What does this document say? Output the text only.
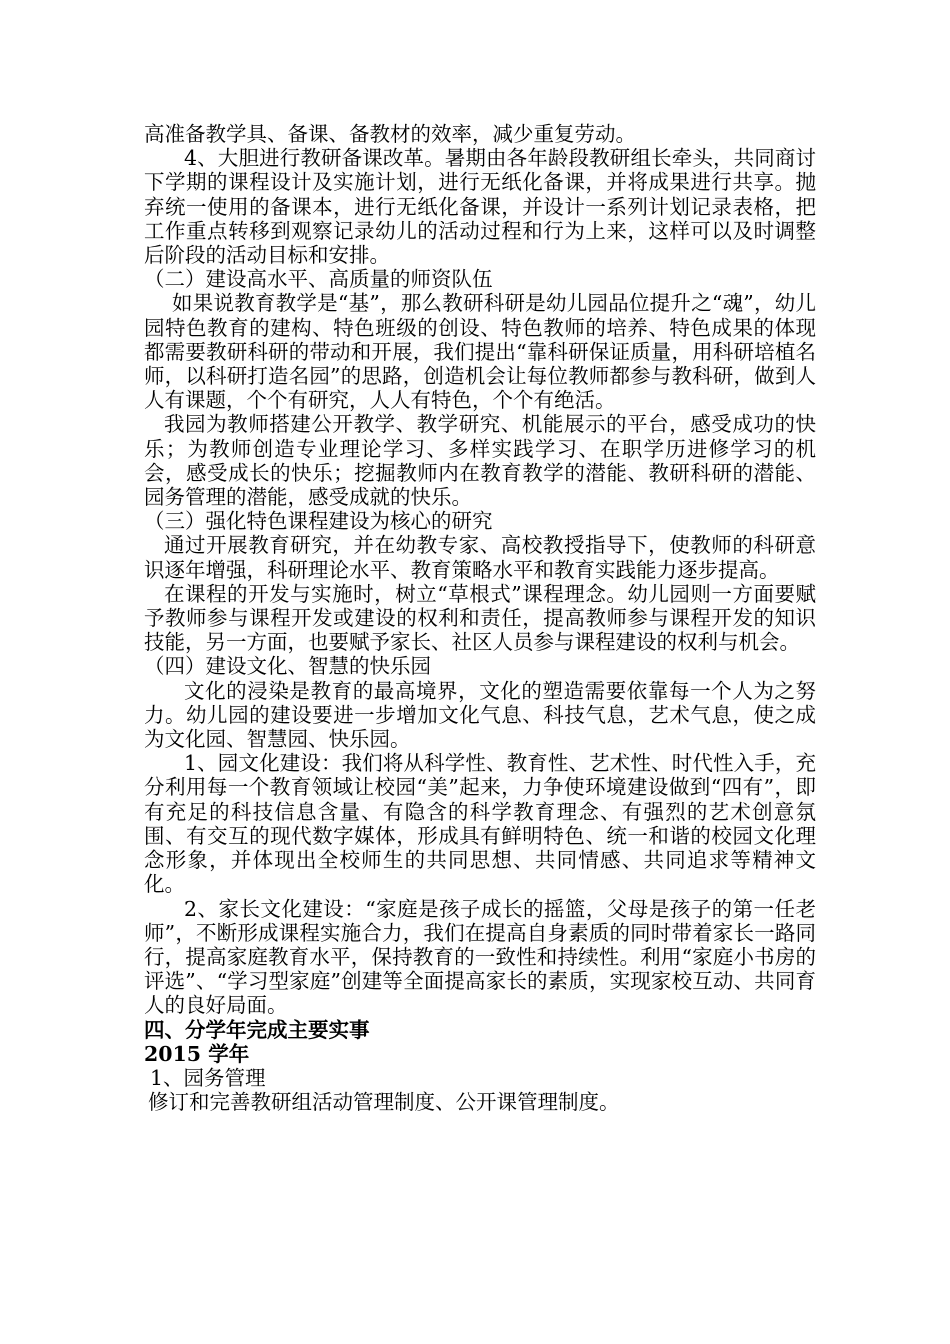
高准备教学具、备课、备教材的效率，减少重复劳动。

4、大胆进行教研备课改革。暑期由各年龄段教研组长牵头，共同商讨下学期的课程设计及实施计划，进行无纸化备课，并将成果进行共享。抛弃统一使用的备课本，进行无纸化备课，并设计一系列计划记录表格，把工作重点转移到观察记录幼儿的活动过程和行为上来，这样可以及时调整后阶段的活动目标和安排。

（二）建设高水平、高质量的师资队伍

如果说教育教学是“基”，那么教研科研是幼儿园品位提升之“魂”，幼儿园特色教育的建构、特色班级的创设、特色教师的培养、特色成果的体现都需要教研科研的带动和开展，我们提出“靠科研保证质量，用科研培植名师，以科研打造名园”的思路，创造机会让每位教师都参与教科研，做到人人有课题，个个有研究，人人有特色，个个有绝活。

我园为教师搭建公开教学、教学研究、机能展示的平台，感受成功的快乐；为教师创造专业理论学习、多样实践学习、在职学历进修学习的机会，感受成长的快乐；挖掘教师内在教育教学的潜能、教研科研的潜能、园务管理的潜能，感受成就的快乐。

（三）强化特色课程建设为核心的研究

通过开展教育研究，并在幼教专家、高校教授指导下，使教师的科研意识逐年增强，科研理论水平、教育策略水平和教育实践能力逐步提高。

在课程的开发与实施时，树立“草根式”课程理念。幼儿园则一方面要赋予教师参与课程开发或建设的权利和责任，提高教师参与课程开发的知识技能，另一方面，也要赋予家长、社区人员参与课程建设的权利与机会。

（四）建设文化、智慧的快乐园

文化的浸染是教育的最高境界，文化的塑造需要依靠每一个人为之努力。幼儿园的建设要进一步增加文化气息、科技气息，艺术气息，使之成为文化园、智慧园、快乐园。

1、园文化建设：我们将从科学性、教育性、艺术性、时代性入手，充分利用每一个教育领域让校园“美”起来，力争使环境建设做到“四有”，即有充足的科技信息含量、有隐含的科学教育理念、有强烈的艺术创意氛围、有交互的现代数字媒体，形成具有鲜明特色、统一和谐的校园文化理念形象，并体现出全校师生的共同思想、共同情感、共同追求等精神文化。

2、家长文化建设：“家庭是孩子成长的摇篮，父母是孩子的第一任老师”，不断形成课程实施合力，我们在提高自身素质的同时带着家长一路同行，提高家庭教育水平，保持教育的一致性和持续性。利用“家庭小书房的评选”、“学习型家庭”创建等全面提高家长的素质，实现家校互动、共同育人的良好局面。

四、分学年完成主要实事

2015 学年

1、园务管理

修订和完善教研组活动管理制度、公开课管理制度。
